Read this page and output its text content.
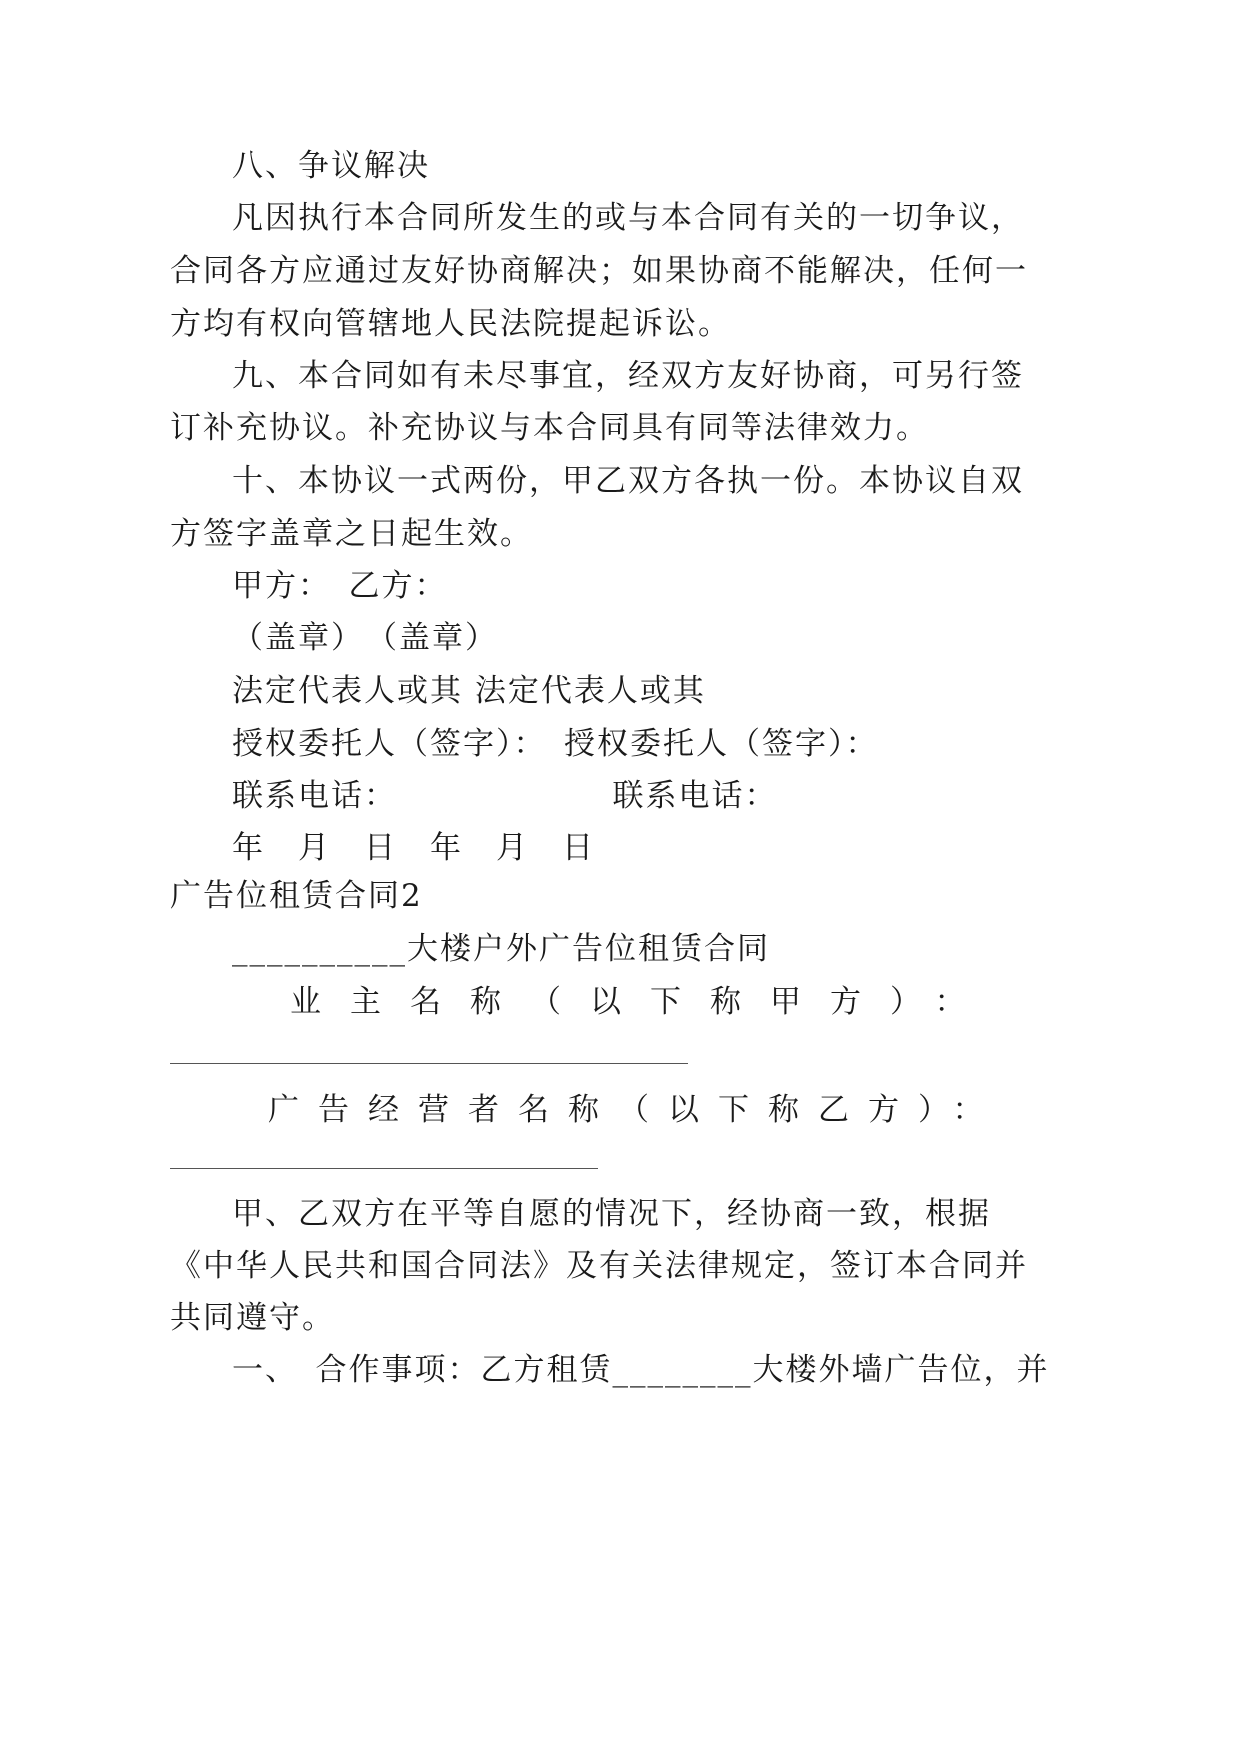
八、争议解决
凡因执行本合同所发生的或与本合同有关的一切争议，
合同各方应通过友好协商解决；如果协商不能解决，任何一
方均有权向管辖地人民法院提起诉讼。
九、本合同如有未尽事宜，经双方友好协商，可另行签
订补充协议。补充协议与本合同具有同等法律效力。
十、本协议一式两份，甲乙双方各执一份。本协议自双
方签字盖章之日起生效。
甲方：　乙方：
（盖章）　（盖章）
法定代表人或其 法定代表人或其
授权委托人（签字）：　授权委托人（签字）：
联系电话：　　　　　　　联系电话：
年　月　日　年　月　日
广告位租赁合同2
__________大楼户外广告位租赁合同
业主名称（以下称甲方）：
广告经营者名称（以下称乙方）：
甲、乙双方在平等自愿的情况下，经协商一致，根据
《中华人民共和国合同法》及有关法律规定，签订本合同并
共同遵守。
一、　合作事项：乙方租赁________大楼外墙广告位，并
